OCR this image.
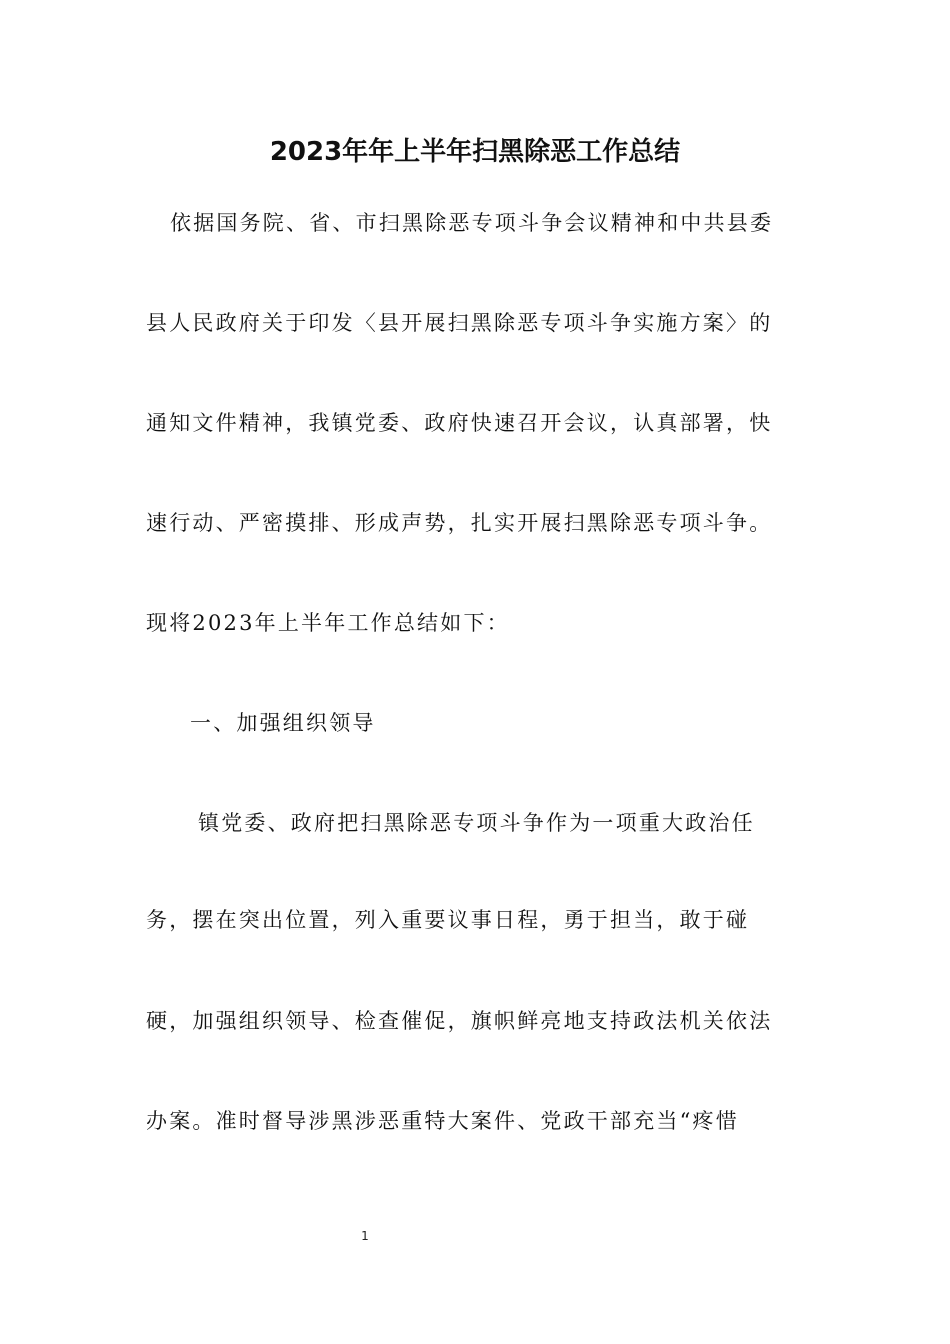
2023年年上半年扫黑除恶工作总结
依据国务院、省、市扫黑除恶专项斗争会议精神和中共县委
县人民政府关于印发〈县开展扫黑除恶专项斗争实施方案〉的
通知文件精神，我镇党委、政府快速召开会议，认真部署，快
速行动、严密摸排、形成声势，扎实开展扫黑除恶专项斗争。
现将2023年上半年工作总结如下：
一、加强组织领导
镇党委、政府把扫黑除恶专项斗争作为一项重大政治任
务，摆在突出位置，列入重要议事日程，勇于担当，敢于碰
硬，加强组织领导、检查催促，旗帜鲜亮地支持政法机关依法
办案。准时督导涉黑涉恶重特大案件、党政干部充当“疼惜
1
